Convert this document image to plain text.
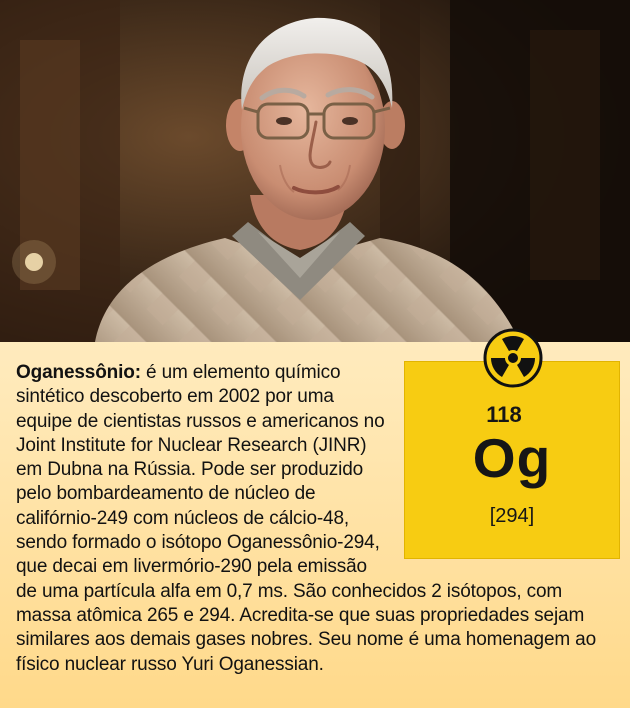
Oganessônio: é um elemento químico sintético descoberto em 2002 por uma equipe de cientistas russos e americanos no Joint Institute for Nuclear Research (JINR) em Dubna na Rússia. Pode ser produzido pelo bombardeamento de núcleo de califórnio-249 com núcleos de cálcio-48, sendo formado o isótopo Oganessônio-294, que decai em livermório-290 pela emissão de uma partícula alfa em 0,7 ms. São conhecidos 2 isótopos, com massa atômica 265 e 294. Acredita-se que suas propriedades sejam similares aos demais gases nobres. Seu nome é uma homenagem ao físico nuclear russo Yuri Oganessian.

118
Og
[294]
